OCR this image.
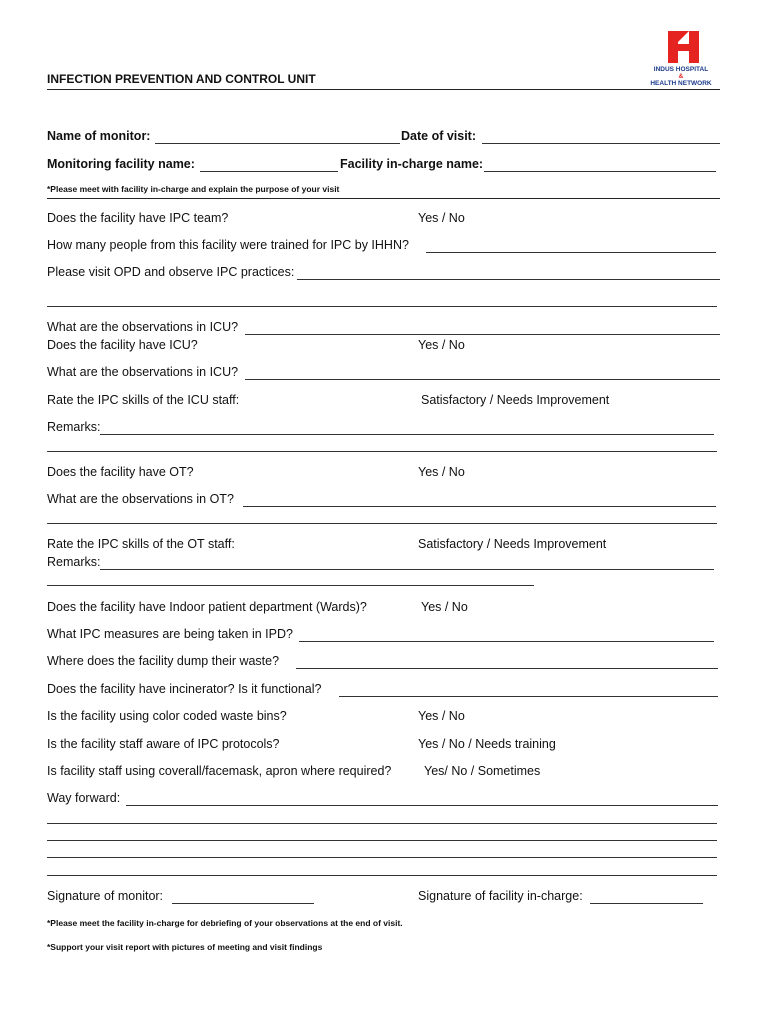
INDUS HOSPITAL
&
HEALTH NETWORK
INFECTION PREVENTION AND CONTROL UNIT
Name of monitor:	Date of visit:
Monitoring facility name:	Facility in-charge name:
*Please meet with facility in-charge and explain the purpose of your visit
Does the facility have IPC team?	Yes / No
How many people from this facility were trained for IPC by IHHN?
Please visit OPD and observe IPC practices:
What are the observations in ICU?
Does the facility have ICU?	Yes / No
What are the observations in ICU?
Rate the IPC skills of the ICU staff:	Satisfactory / Needs Improvement
Remarks:
Does the facility have OT?	Yes / No
What are the observations in OT?
Rate the IPC skills of the OT staff:	Satisfactory / Needs Improvement
Remarks:
Does the facility have Indoor patient department (Wards)?	Yes / No
What IPC measures are being taken in IPD?
Where does the facility dump their waste?
Does the facility have incinerator? Is it functional?
Is the facility using color coded waste bins?	Yes / No
Is the facility staff aware of IPC protocols?	Yes / No / Needs training
Is facility staff using coverall/facemask, apron where required?	Yes/ No / Sometimes
Way forward:
Signature of monitor:	Signature of facility in-charge:
*Please meet the facility in-charge for debriefing of your observations at the end of visit.
*Support your visit report with pictures of meeting and visit findings
